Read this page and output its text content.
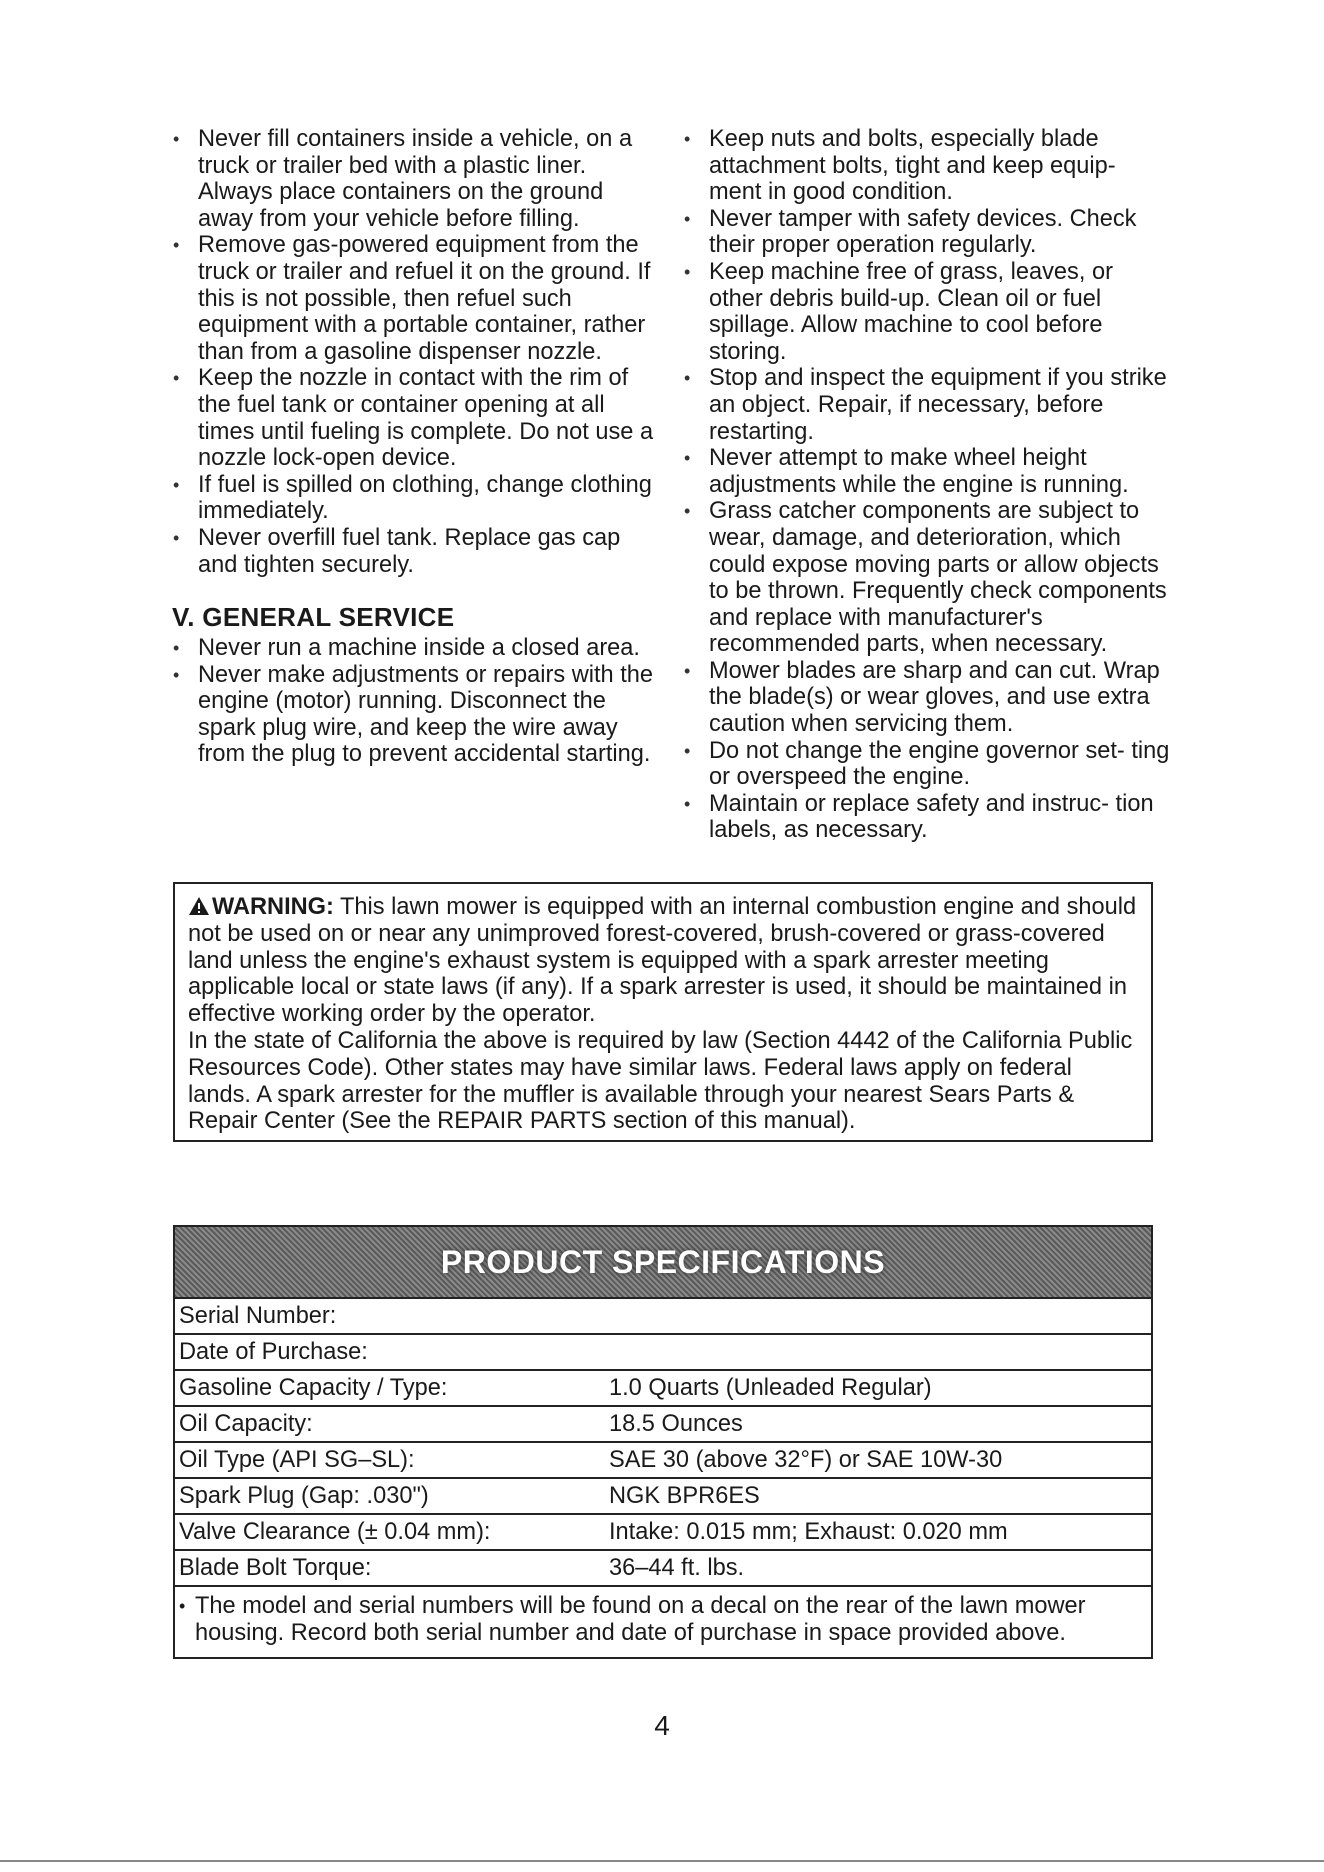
• Never fill containers inside a vehicle, on a truck or trailer bed with a plastic liner. Always place containers on the ground away from your vehicle before filling.
• Remove gas-powered equipment from the truck or trailer and refuel it on the ground. If this is not possible, then refuel such equipment with a portable container, rather than from a gasoline dispenser nozzle.
• Keep the nozzle in contact with the rim of the fuel tank or container opening at all times until fueling is complete. Do not use a nozzle lock-open device.
• If fuel is spilled on clothing, change clothing immediately.
• Never overfill fuel tank. Replace gas cap and tighten securely.
V. GENERAL SERVICE
• Never run a machine inside a closed area.
• Never make adjustments or repairs with the engine (motor) running. Disconnect the spark plug wire, and keep the wire away from the plug to prevent accidental starting.
• Keep nuts and bolts, especially blade attachment bolts, tight and keep equip- ment in good condition.
• Never tamper with safety devices. Check their proper operation regularly.
• Keep machine free of grass, leaves, or other debris build-up. Clean oil or fuel spillage. Allow machine to cool before storing.
• Stop and inspect the equipment if you strike an object. Repair, if necessary, before restarting.
• Never attempt to make wheel height adjustments while the engine is running.
• Grass catcher components are subject to wear, damage, and deterioration, which could expose moving parts or allow objects to be thrown. Frequently check components and replace with manufacturer's recommended parts, when necessary.
• Mower blades are sharp and can cut. Wrap the blade(s) or wear gloves, and use extra caution when servicing them.
• Do not change the engine governor set- ting or overspeed the engine.
• Maintain or replace safety and instruc- tion labels, as necessary.

WARNING: This lawn mower is equipped with an internal combustion engine and should not be used on or near any unimproved forest-covered, brush-covered or grass-covered land unless the engine's exhaust system is equipped with a spark arrester meeting applicable local or state laws (if any). If a spark arrester is used, it should be maintained in effective working order by the operator.

In the state of California the above is required by law (Section 4442 of the California Public Resources Code). Other states may have similar laws. Federal laws apply on federal lands. A spark arrester for the muffler is available through your nearest Sears Parts & Repair Center (See the REPAIR PARTS section of this manual).

PRODUCT SPECIFICATIONS
Serial Number:
Date of Purchase:
Gasoline Capacity / Type:	1.0 Quarts (Unleaded Regular)
Oil Capacity:	18.5 Ounces
Oil Type (API SG–SL):	SAE 30 (above 32°F) or SAE 10W-30
Spark Plug (Gap: .030")	NGK BPR6ES
Valve Clearance (± 0.04 mm):	Intake: 0.015 mm; Exhaust: 0.020 mm
Blade Bolt Torque:	36–44 ft. lbs.
• The model and serial numbers will be found on a decal on the rear of the lawn mower housing. Record both serial number and date of purchase in space provided above.
4
